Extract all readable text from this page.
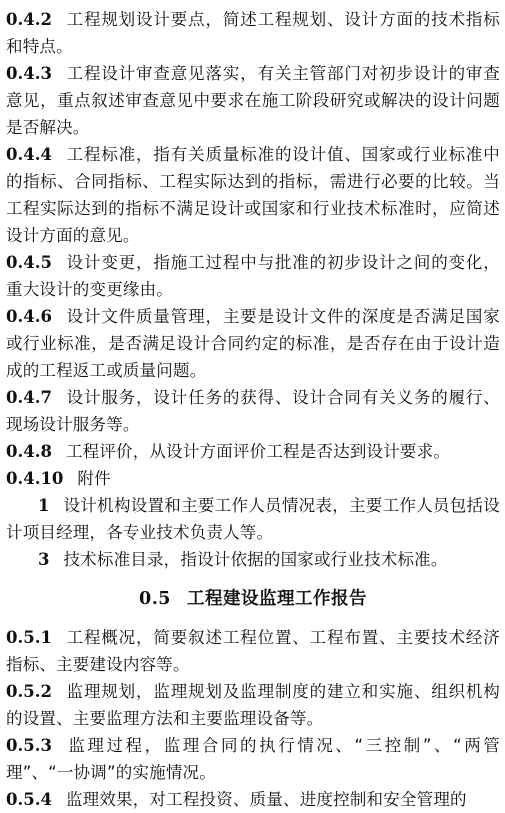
0.4.2 工程规划设计要点，简述工程规划、设计方面的技术指标和特点。

0.4.3 工程设计审查意见落实，有关主管部门对初步设计的审查意见，重点叙述审查意见中要求在施工阶段研究或解决的设计问题是否解决。

0.4.4 工程标准，指有关质量标准的设计值、国家或行业标准中的指标、合同指标、工程实际达到的指标，需进行必要的比较。当工程实际达到的指标不满足设计或国家和行业技术标准时，应简述设计方面的意见。

0.4.5 设计变更，指施工过程中与批准的初步设计之间的变化，重大设计的变更缘由。

0.4.6 设计文件质量管理，主要是设计文件的深度是否满足国家或行业标准，是否满足设计合同约定的标准，是否存在由于设计造成的工程返工或质量问题。

0.4.7 设计服务，设计任务的获得、设计合同有关义务的履行、现场设计服务等。

0.4.8 工程评价，从设计方面评价工程是否达到设计要求。

0.4.10 附件

1 设计机构设置和主要工作人员情况表，主要工作人员包括设计项目经理，各专业技术负责人等。

3 技术标准目录，指设计依据的国家或行业技术标准。

0.5 工程建设监理工作报告

0.5.1 工程概况，简要叙述工程位置、工程布置、主要技术经济指标、主要建设内容等。

0.5.2 监理规划，监理规划及监理制度的建立和实施、组织机构的设置、主要监理方法和主要监理设备等。

0.5.3 监理过程，监理合同的执行情况、“三控制”、“两管理”、“一协调”的实施情况。

0.5.4 监理效果，对工程投资、质量、进度控制和安全管理的
